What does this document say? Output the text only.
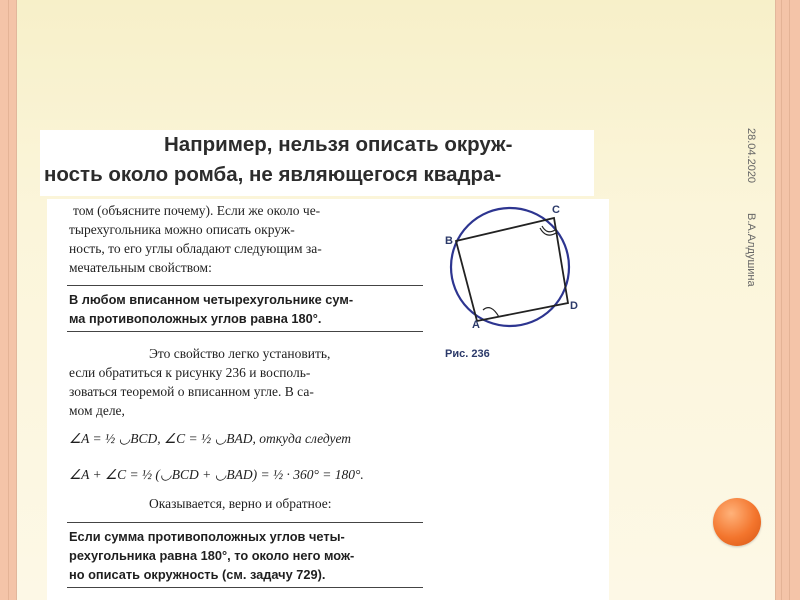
28.04.2020
В.А.Алдушина
Например, нельзя описать окруж-
ность около ромба, не являющегося квадра-
том (объясните почему). Если же около че-
тырехугольника можно описать окруж-
ность, то его углы обладают следующим за-
мечательным свойством:
В любом вписанном четырехугольнике сум-
ма противоположных углов равна 180°.
Это свойство легко установить,
если обратиться к рисунку 236 и восполь-
зоваться теоремой о вписанном угле. В са-
мом деле,
∠A = ½ ◡BCD, ∠C = ½ ◡BAD, откуда следует
∠A + ∠C = ½ (◡BCD + ◡BAD) = ½ · 360° = 180°.
Оказывается, верно и обратное:
Если сумма противоположных углов четы-
рехугольника равна 180°, то около него мож-
но описать окружность (см. задачу 729).
B
C
D
A
Рис. 236
